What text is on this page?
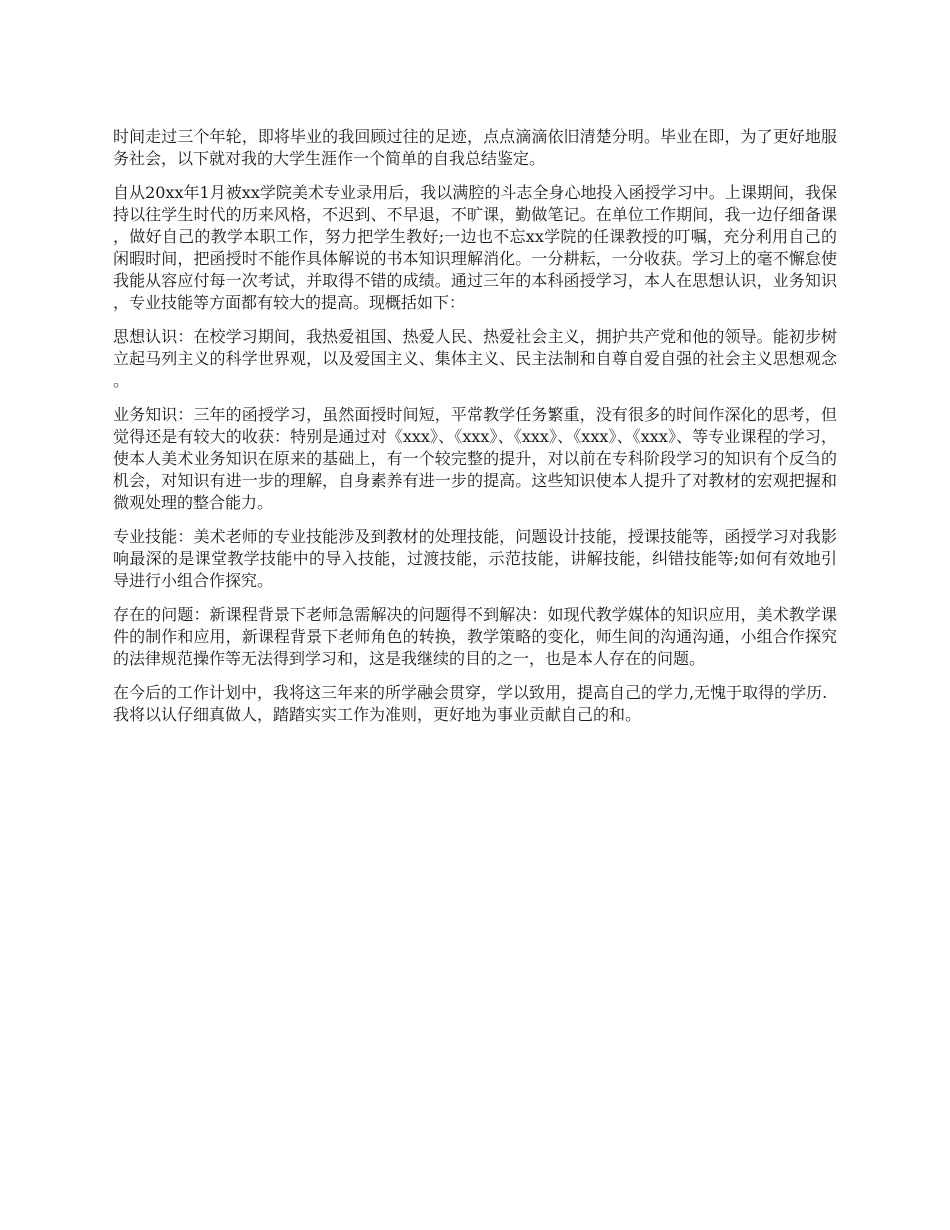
时间走过三个年轮，即将毕业的我回顾过往的足迹，点点滴滴依旧清楚分明。毕业在即，为了更好地服务社会，以下就对我的大学生涯作一个简单的自我总结鉴定。

自从20xx年1月被xx学院美术专业录用后，我以满腔的斗志全身心地投入函授学习中。上课期间，我保持以往学生时代的历来风格，不迟到、不早退，不旷课，勤做笔记。在单位工作期间，我一边仔细备课，做好自己的教学本职工作，努力把学生教好;一边也不忘xx学院的任课教授的叮嘱，充分利用自己的闲暇时间，把函授时不能作具体解说的书本知识理解消化。一分耕耘，一分收获。学习上的毫不懈怠使我能从容应付每一次考试，并取得不错的成绩。通过三年的本科函授学习，本人在思想认识，业务知识，专业技能等方面都有较大的提高。现概括如下：

思想认识：在校学习期间，我热爱祖国、热爱人民、热爱社会主义，拥护共产党和他的领导。能初步树立起马列主义的科学世界观，以及爱国主义、集体主义、民主法制和自尊自爱自强的社会主义思想观念。

业务知识：三年的函授学习，虽然面授时间短，平常教学任务繁重，没有很多的时间作深化的思考，但觉得还是有较大的收获：特别是通过对《xxx》、《xxx》、《xxx》、《xxx》、《xxx》、等专业课程的学习，使本人美术业务知识在原来的基础上，有一个较完整的提升，对以前在专科阶段学习的知识有个反刍的机会，对知识有进一步的理解，自身素养有进一步的提高。这些知识使本人提升了对教材的宏观把握和微观处理的整合能力。

专业技能：美术老师的专业技能涉及到教材的处理技能，问题设计技能，授课技能等，函授学习对我影响最深的是课堂教学技能中的导入技能，过渡技能，示范技能，讲解技能，纠错技能等;如何有效地引导进行小组合作探究。

存在的问题：新课程背景下老师急需解决的问题得不到解决：如现代教学媒体的知识应用，美术教学课件的制作和应用，新课程背景下老师角色的转换，教学策略的变化，师生间的沟通沟通，小组合作探究的法律规范操作等无法得到学习和，这是我继续的目的之一，也是本人存在的问题。

在今后的工作计划中，我将这三年来的所学融会贯穿，学以致用，提高自己的学力,无愧于取得的学历.我将以认仔细真做人，踏踏实实工作为准则，更好地为事业贡献自己的和。
